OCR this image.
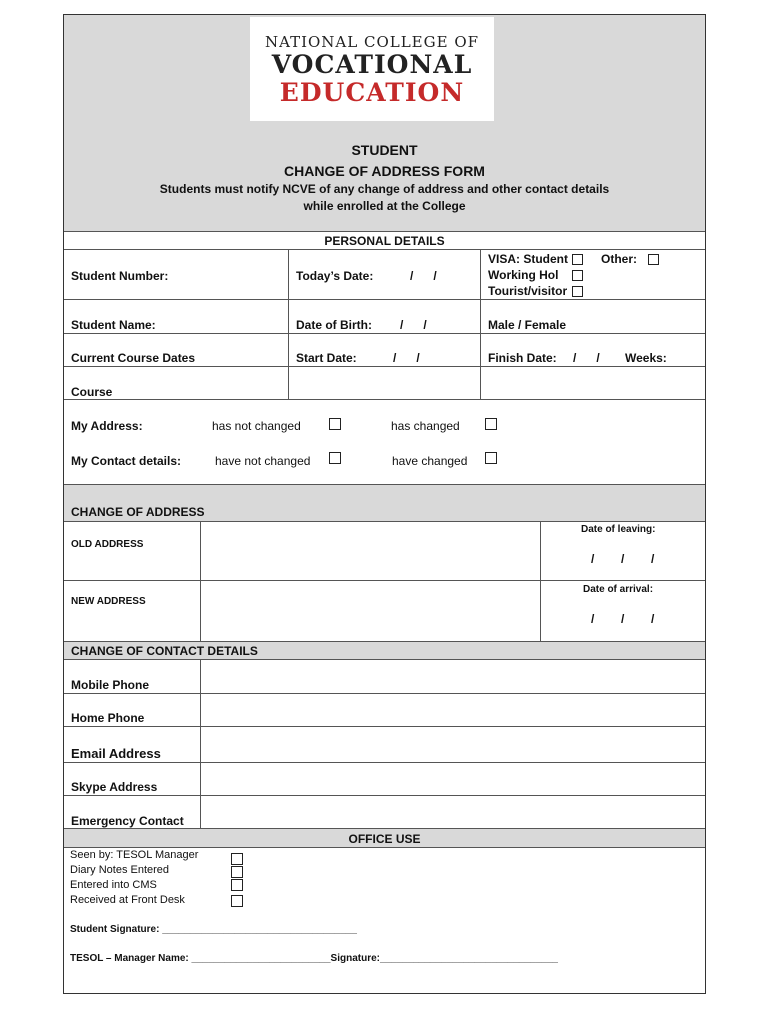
NATIONAL COLLEGE OF
VOCATIONAL
EDUCATION
STUDENT
CHANGE OF ADDRESS FORM
Students must notify NCVE of any change of address and other contact details
while enrolled at the College
PERSONAL DETAILS
Student Number:	Today’s Date:	/      /
VISA: Student	Other:
Working Hol
Tourist/visitor
Student Name:	Date of Birth: /      /	Male / Female
Current Course Dates	Start Date:	/      /	Finish Date: /      / Weeks:
Course
My Address:	has not changed	has changed
My Contact details:	have not changed	have changed
CHANGE OF ADDRESS
OLD ADDRESS
Date of leaving:
/        /        /
NEW ADDRESS
Date of arrival:
/        /        /
CHANGE OF CONTACT DETAILS
Mobile Phone
Home Phone
Email Address
Skype Address
Emergency Contact
OFFICE USE
Seen by: TESOL Manager
Diary Notes Entered
Entered into CMS
Received at Front Desk
Student Signature: ___________________________________
TESOL – Manager Name: _________________________Signature:________________________________
